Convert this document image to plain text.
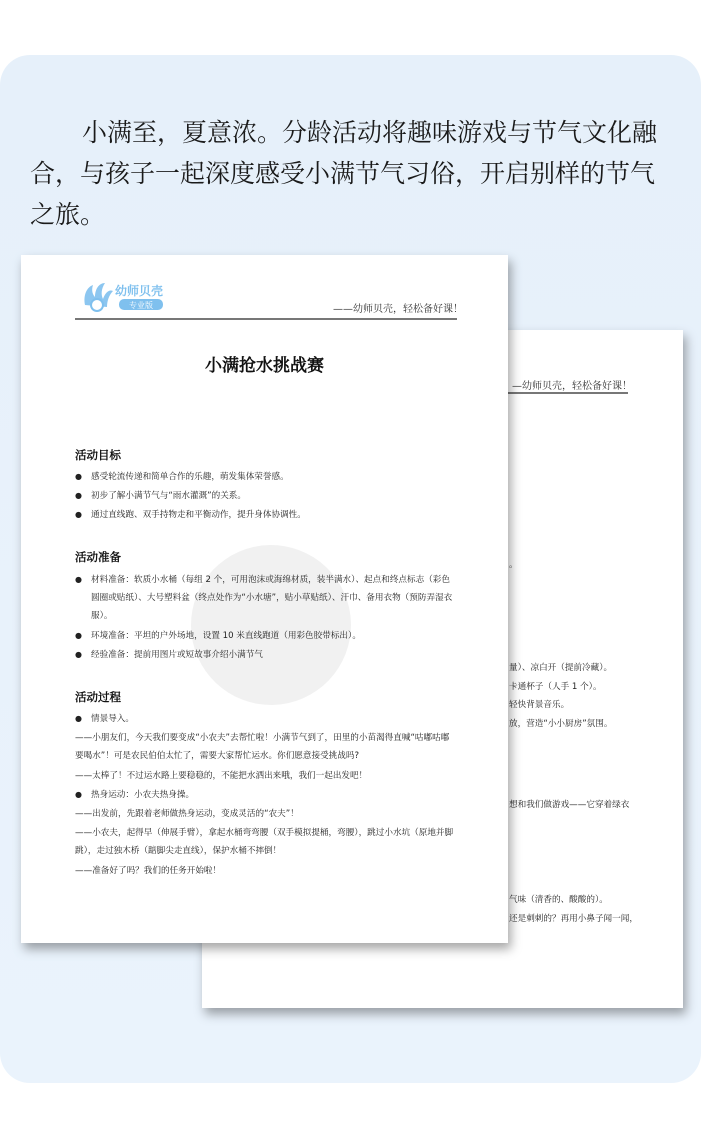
小满至，夏意浓。分龄活动将趣味游戏与节气文化融合，与孩子一起深度感受小满节气习俗，开启别样的节气之旅。

—幼师贝壳，轻松备好课！
。
量）、凉白开（提前冷藏）。
卡通杯子（人手 1 个）。
轻快背景音乐。
放，营造“小小厨房”氛围。
想和我们做游戏——它穿着绿衣
气味（清香的、酸酸的）。
还是刺刺的？再用小鼻子闻一闻，
幼师贝壳
专业版	——幼师贝壳，轻松备好课！
小满抢水挑战赛
活动目标
● 感受轮流传递和简单合作的乐趣，萌发集体荣誉感。
● 初步了解小满节气与“雨水灌溉”的关系。
● 通过直线跑、双手持物走和平衡动作，提升身体协调性。
活动准备
● 材料准备：软质小水桶（每组 2 个，可用泡沫或海绵材质，装半满水）、起点和终点标志（彩色圆圈或贴纸）、大号塑料盆（终点处作为“小水塘”，贴小草贴纸）、汗巾、备用衣物（预防弄湿衣服）。
● 环境准备：平坦的户外场地，设置 10 米直线跑道（用彩色胶带标出）。
● 经验准备：提前用图片或短故事介绍小满节气
活动过程
● 情景导入。
——小朋友们，今天我们要变成“小农夫”去帮忙啦！小满节气到了，田里的小苗渴得直喊“咕嘟咕嘟要喝水”！可是农民伯伯太忙了，需要大家帮忙运水。你们愿意接受挑战吗?
——太棒了！不过运水路上要稳稳的，不能把水洒出来哦，我们一起出发吧！
● 热身运动：小农夫热身操。
——出发前，先跟着老师做热身运动，变成灵活的“农夫”！
——小农夫，起得早（伸展手臂），拿起水桶弯弯腰（双手模拟提桶，弯腰），跳过小水坑（原地并脚跳），走过独木桥（踮脚尖走直线），保护水桶不摔倒！
——准备好了吗？我们的任务开始啦！
